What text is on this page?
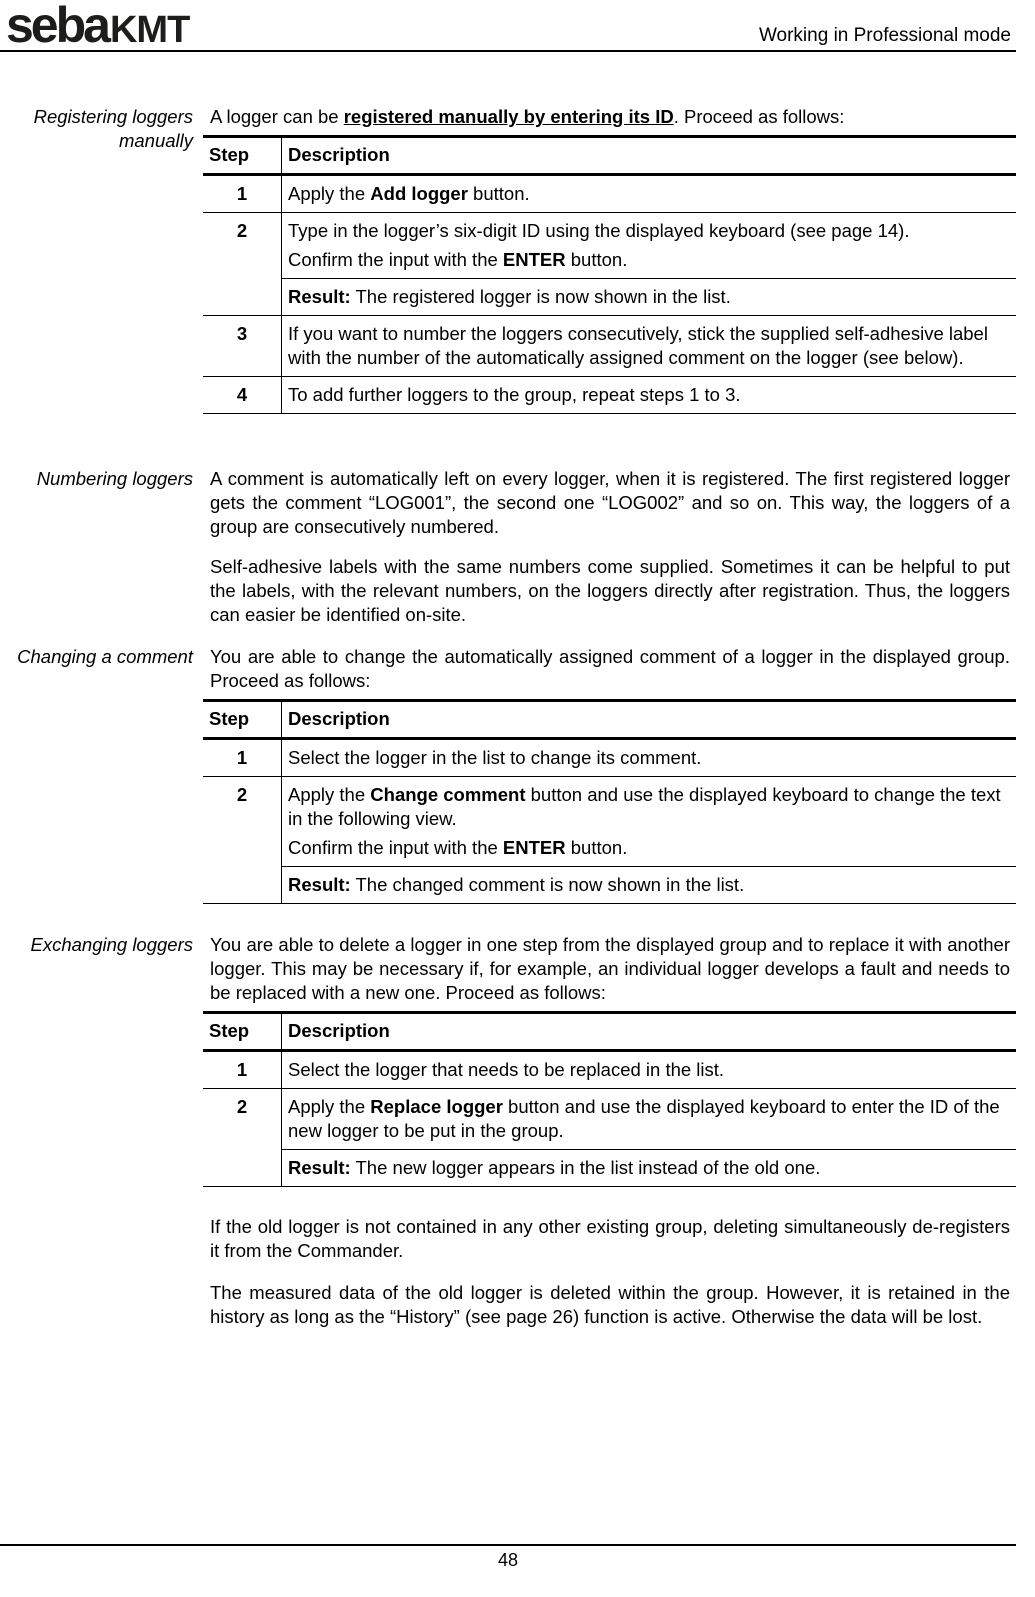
sebaKMT	Working in Professional mode
Registering loggers manually
A logger can be registered manually by entering its ID. Proceed as follows:
Step	Description
1	Apply the Add logger button.
2	Type in the logger’s six-digit ID using the displayed keyboard (see page 14).
Confirm the input with the ENTER button.

	Result: The registered logger is now shown in the list.
3	If you want to number the loggers consecutively, stick the supplied self-adhesive label with the number of the automatically assigned comment on the logger (see below).
4	To add further loggers to the group, repeat steps 1 to 3.
Numbering loggers A comment is automatically left on every logger, when it is registered. The first registered logger gets the comment “LOG001”, the second one “LOG002” and so on. This way, the loggers of a group are consecutively numbered.
Self-adhesive labels with the same numbers come supplied. Sometimes it can be helpful to put the labels, with the relevant numbers, on the loggers directly after registration. Thus, the loggers can easier be identified on-site.
Changing a comment You are able to change the automatically assigned comment of a logger in the displayed group. Proceed as follows:
Step	Description
1	Select the logger in the list to change its comment.
2	Apply the Change comment button and use the displayed keyboard to change the text in the following view.
Confirm the input with the ENTER button.

	Result: The changed comment is now shown in the list.
Exchanging loggers You are able to delete a logger in one step from the displayed group and to replace it with another logger. This may be necessary if, for example, an individual logger develops a fault and needs to be replaced with a new one. Proceed as follows:
Step	Description
1	Select the logger that needs to be replaced in the list.
2	Apply the Replace logger button and use the displayed keyboard to enter the ID of the new logger to be put in the group.
	Result: The new logger appears in the list instead of the old one.
If the old logger is not contained in any other existing group, deleting simultaneously de-registers it from the Commander.
The measured data of the old logger is deleted within the group. However, it is retained in the history as long as the “History” (see page 26) function is active. Otherwise the data will be lost.
48
